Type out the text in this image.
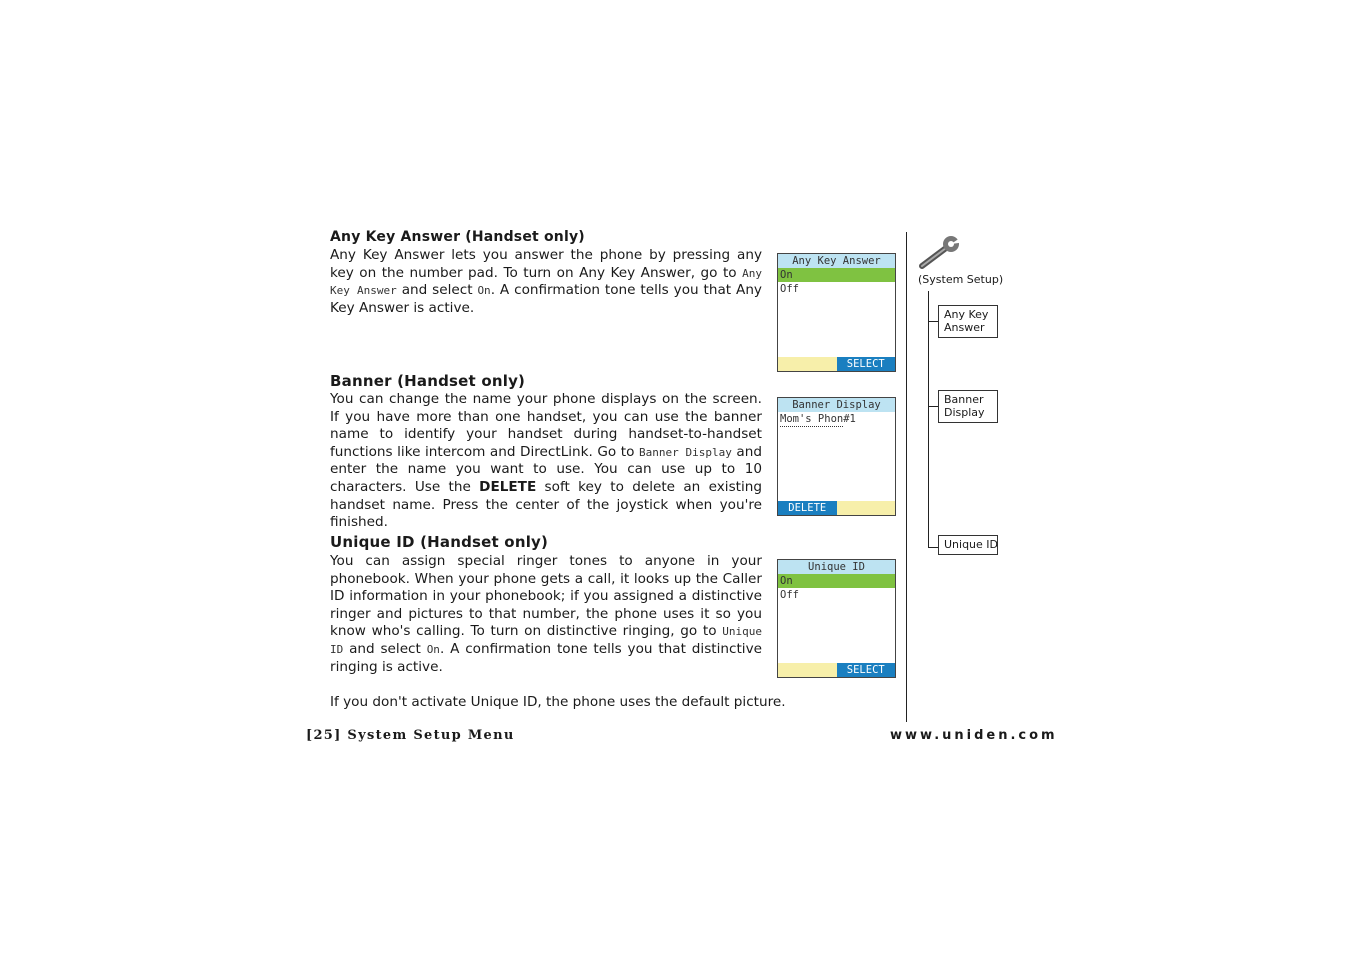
Any Key Answer (Handset only)
Any Key Answer lets you answer the phone by pressing any key on the number pad. To turn on Any Key Answer, go to Any Key Answer and select On. A confirmation tone tells you that Any Key Answer is active.
Any Key Answer
On
Off
SELECT
Banner (Handset only)
You can change the name your phone displays on the screen. If you have more than one handset, you can use the banner name to identify your handset during handset-to-handset functions like intercom and DirectLink. Go to Banner Display and enter the name you want to use. You can use up to 10 characters. Use the DELETE soft key to delete an existing handset name. Press the center of the joystick when you're finished.
Banner Display
Mom's Phon#1
DELETE
Unique ID (Handset only)
You can assign special ringer tones to anyone in your phonebook. When your phone gets a call, it looks up the Caller ID information in your phonebook; if you assigned a distinctive ringer and pictures to that number, the phone uses it so you know who's calling. To turn on distinctive ringing, go to Unique ID and select On. A confirmation tone tells you that distinctive ringing is active.
If you don't activate Unique ID, the phone uses the default picture.
Unique ID
On
Off
SELECT
(System Setup)
Any Key Answer
Banner Display
Unique ID
[25] System Setup Menu	www.uniden.com
